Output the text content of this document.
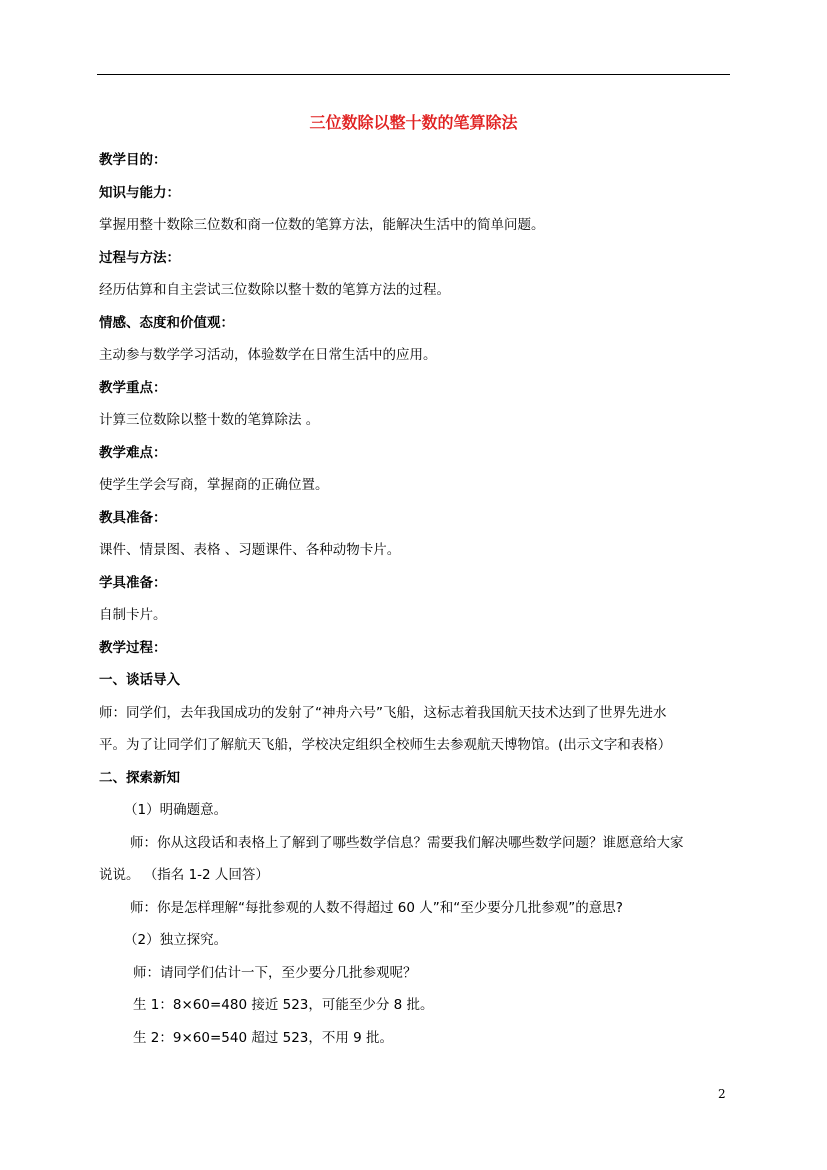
三位数除以整十数的笔算除法
教学目的：
知识与能力：
掌握用整十数除三位数和商一位数的笔算方法，能解决生活中的简单问题。
过程与方法：
经历估算和自主尝试三位数除以整十数的笔算方法的过程。
情感、态度和价值观：
主动参与数学学习活动，体验数学在日常生活中的应用。
教学重点：
计算三位数除以整十数的笔算除法 。
教学难点：
使学生学会写商，掌握商的正确位置。
教具准备：
课件、情景图、表格 、习题课件、各种动物卡片。
学具准备：
自制卡片。
教学过程：
一、谈话导入
师：同学们，去年我国成功的发射了“神舟六号”飞船，这标志着我国航天技术达到了世界先进水
平。为了让同学们了解航天飞船，学校决定组织全校师生去参观航天博物馆。(出示文字和表格）
二、探索新知
（1）明确题意。
师：你从这段话和表格上了解到了哪些数学信息？需要我们解决哪些数学问题？谁愿意给大家
说说。 （指名 1-2 人回答）
师：你是怎样理解“每批参观的人数不得超过 60 人”和“至少要分几批参观”的意思?
（2）独立探究。
师：请同学们估计一下，至少要分几批参观呢？
生 1：8×60=480 接近 523，可能至少分 8 批。
生 2：9×60=540 超过 523，不用 9 批。
2
